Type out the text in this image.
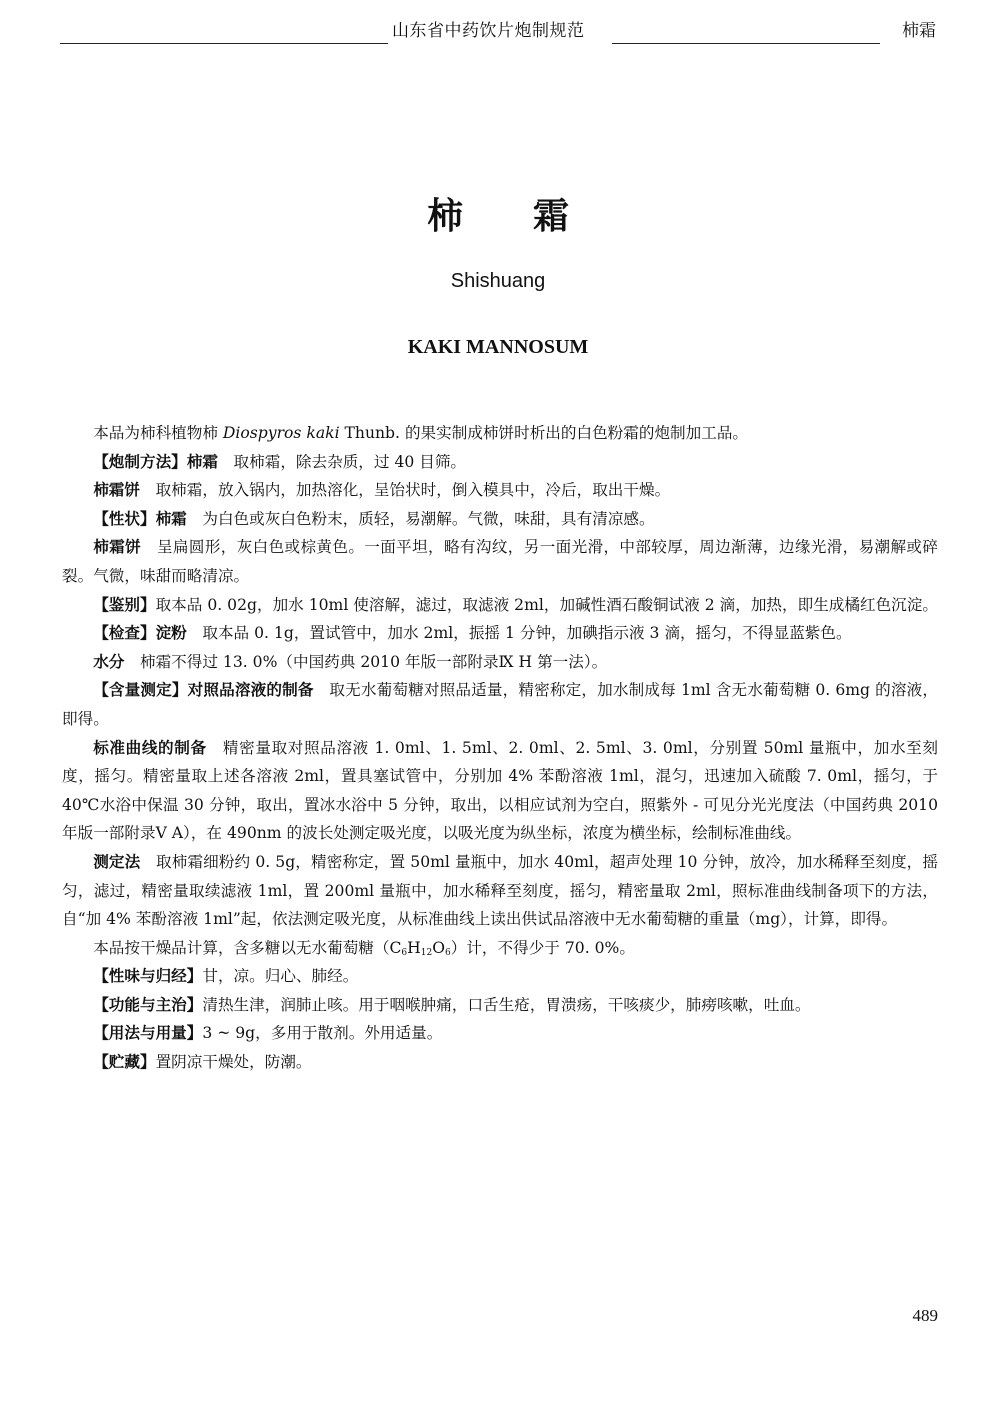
山东省中药饮片炮制规范	柿霜
柿 霜
Shishuang
KAKI MANNOSUM

本品为柿科植物柿 Diospyros kaki Thunb. 的果实制成柿饼时析出的白色粉霜的炮制加工品。

【炮制方法】柿霜　取柿霜，除去杂质，过 40 目筛。

柿霜饼　取柿霜，放入锅内，加热溶化，呈饴状时，倒入模具中，冷后，取出干燥。

【性状】柿霜　为白色或灰白色粉末，质轻，易潮解。气微，味甜，具有清凉感。

柿霜饼　呈扁圆形，灰白色或棕黄色。一面平坦，略有沟纹，另一面光滑，中部较厚，周边渐薄，边缘光滑，易潮解或碎裂。气微，味甜而略清凉。

【鉴别】取本品 0. 02g，加水 10ml 使溶解，滤过，取滤液 2ml，加碱性酒石酸铜试液 2 滴，加热，即生成橘红色沉淀。

【检查】淀粉　取本品 0. 1g，置试管中，加水 2ml，振摇 1 分钟，加碘指示液 3 滴，摇匀，不得显蓝紫色。

水分　柿霜不得过 13. 0%（中国药典 2010 年版一部附录Ⅸ H 第一法）。

【含量测定】对照品溶液的制备　取无水葡萄糖对照品适量，精密称定，加水制成每 1ml 含无水葡萄糖 0. 6mg 的溶液，即得。

标准曲线的制备　精密量取对照品溶液 1. 0ml、1. 5ml、2. 0ml、2. 5ml、3. 0ml，分别置 50ml 量瓶中，加水至刻度，摇匀。精密量取上述各溶液 2ml，置具塞试管中，分别加 4% 苯酚溶液 1ml，混匀，迅速加入硫酸 7. 0ml，摇匀，于 40℃水浴中保温 30 分钟，取出，置冰水浴中 5 分钟，取出，以相应试剂为空白，照紫外 - 可见分光光度法（中国药典 2010 年版一部附录Ⅴ A），在 490nm 的波长处测定吸光度，以吸光度为纵坐标，浓度为横坐标，绘制标准曲线。

测定法　取柿霜细粉约 0. 5g，精密称定，置 50ml 量瓶中，加水 40ml，超声处理 10 分钟，放冷，加水稀释至刻度，摇匀，滤过，精密量取续滤液 1ml，置 200ml 量瓶中，加水稀释至刻度，摇匀，精密量取 2ml，照标准曲线制备项下的方法，自“加 4% 苯酚溶液 1ml”起，依法测定吸光度，从标准曲线上读出供试品溶液中无水葡萄糖的重量（mg），计算，即得。

本品按干燥品计算，含多糖以无水葡萄糖$(C_6H_{12}O_6)$计，不得少于 70. 0%。

【性味与归经】甘，凉。归心、肺经。

【功能与主治】清热生津，润肺止咳。用于咽喉肿痛，口舌生疮，胃溃疡，干咳痰少，肺痨咳嗽，吐血。

【用法与用量】3 ~ 9g，多用于散剂。外用适量。

【贮藏】置阴凉干燥处，防潮。

489
